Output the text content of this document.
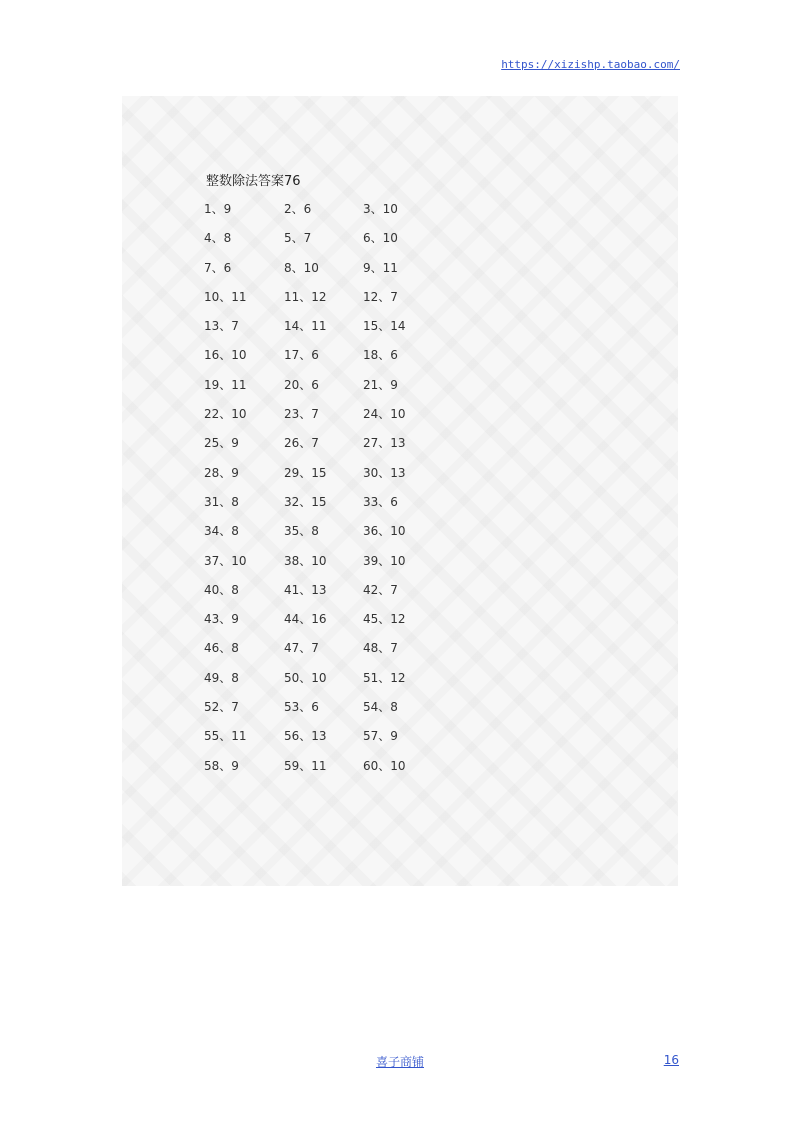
https://xizishp.taobao.com/
整数除法答案76
1、9	2、6	3、10
4、8	5、7	6、10
7、6	8、10	9、11
10、11	11、12	12、7
13、7	14、11	15、14
16、10	17、6	18、6
19、11	20、6	21、9
22、10	23、7	24、10
25、9	26、7	27、13
28、9	29、15	30、13
31、8	32、15	33、6
34、8	35、8	36、10
37、10	38、10	39、10
40、8	41、13	42、7
43、9	44、16	45、12
46、8	47、7	48、7
49、8	50、10	51、12
52、7	53、6	54、8
55、11	56、13	57、9
58、9	59、11	60、10
喜子商铺	16
